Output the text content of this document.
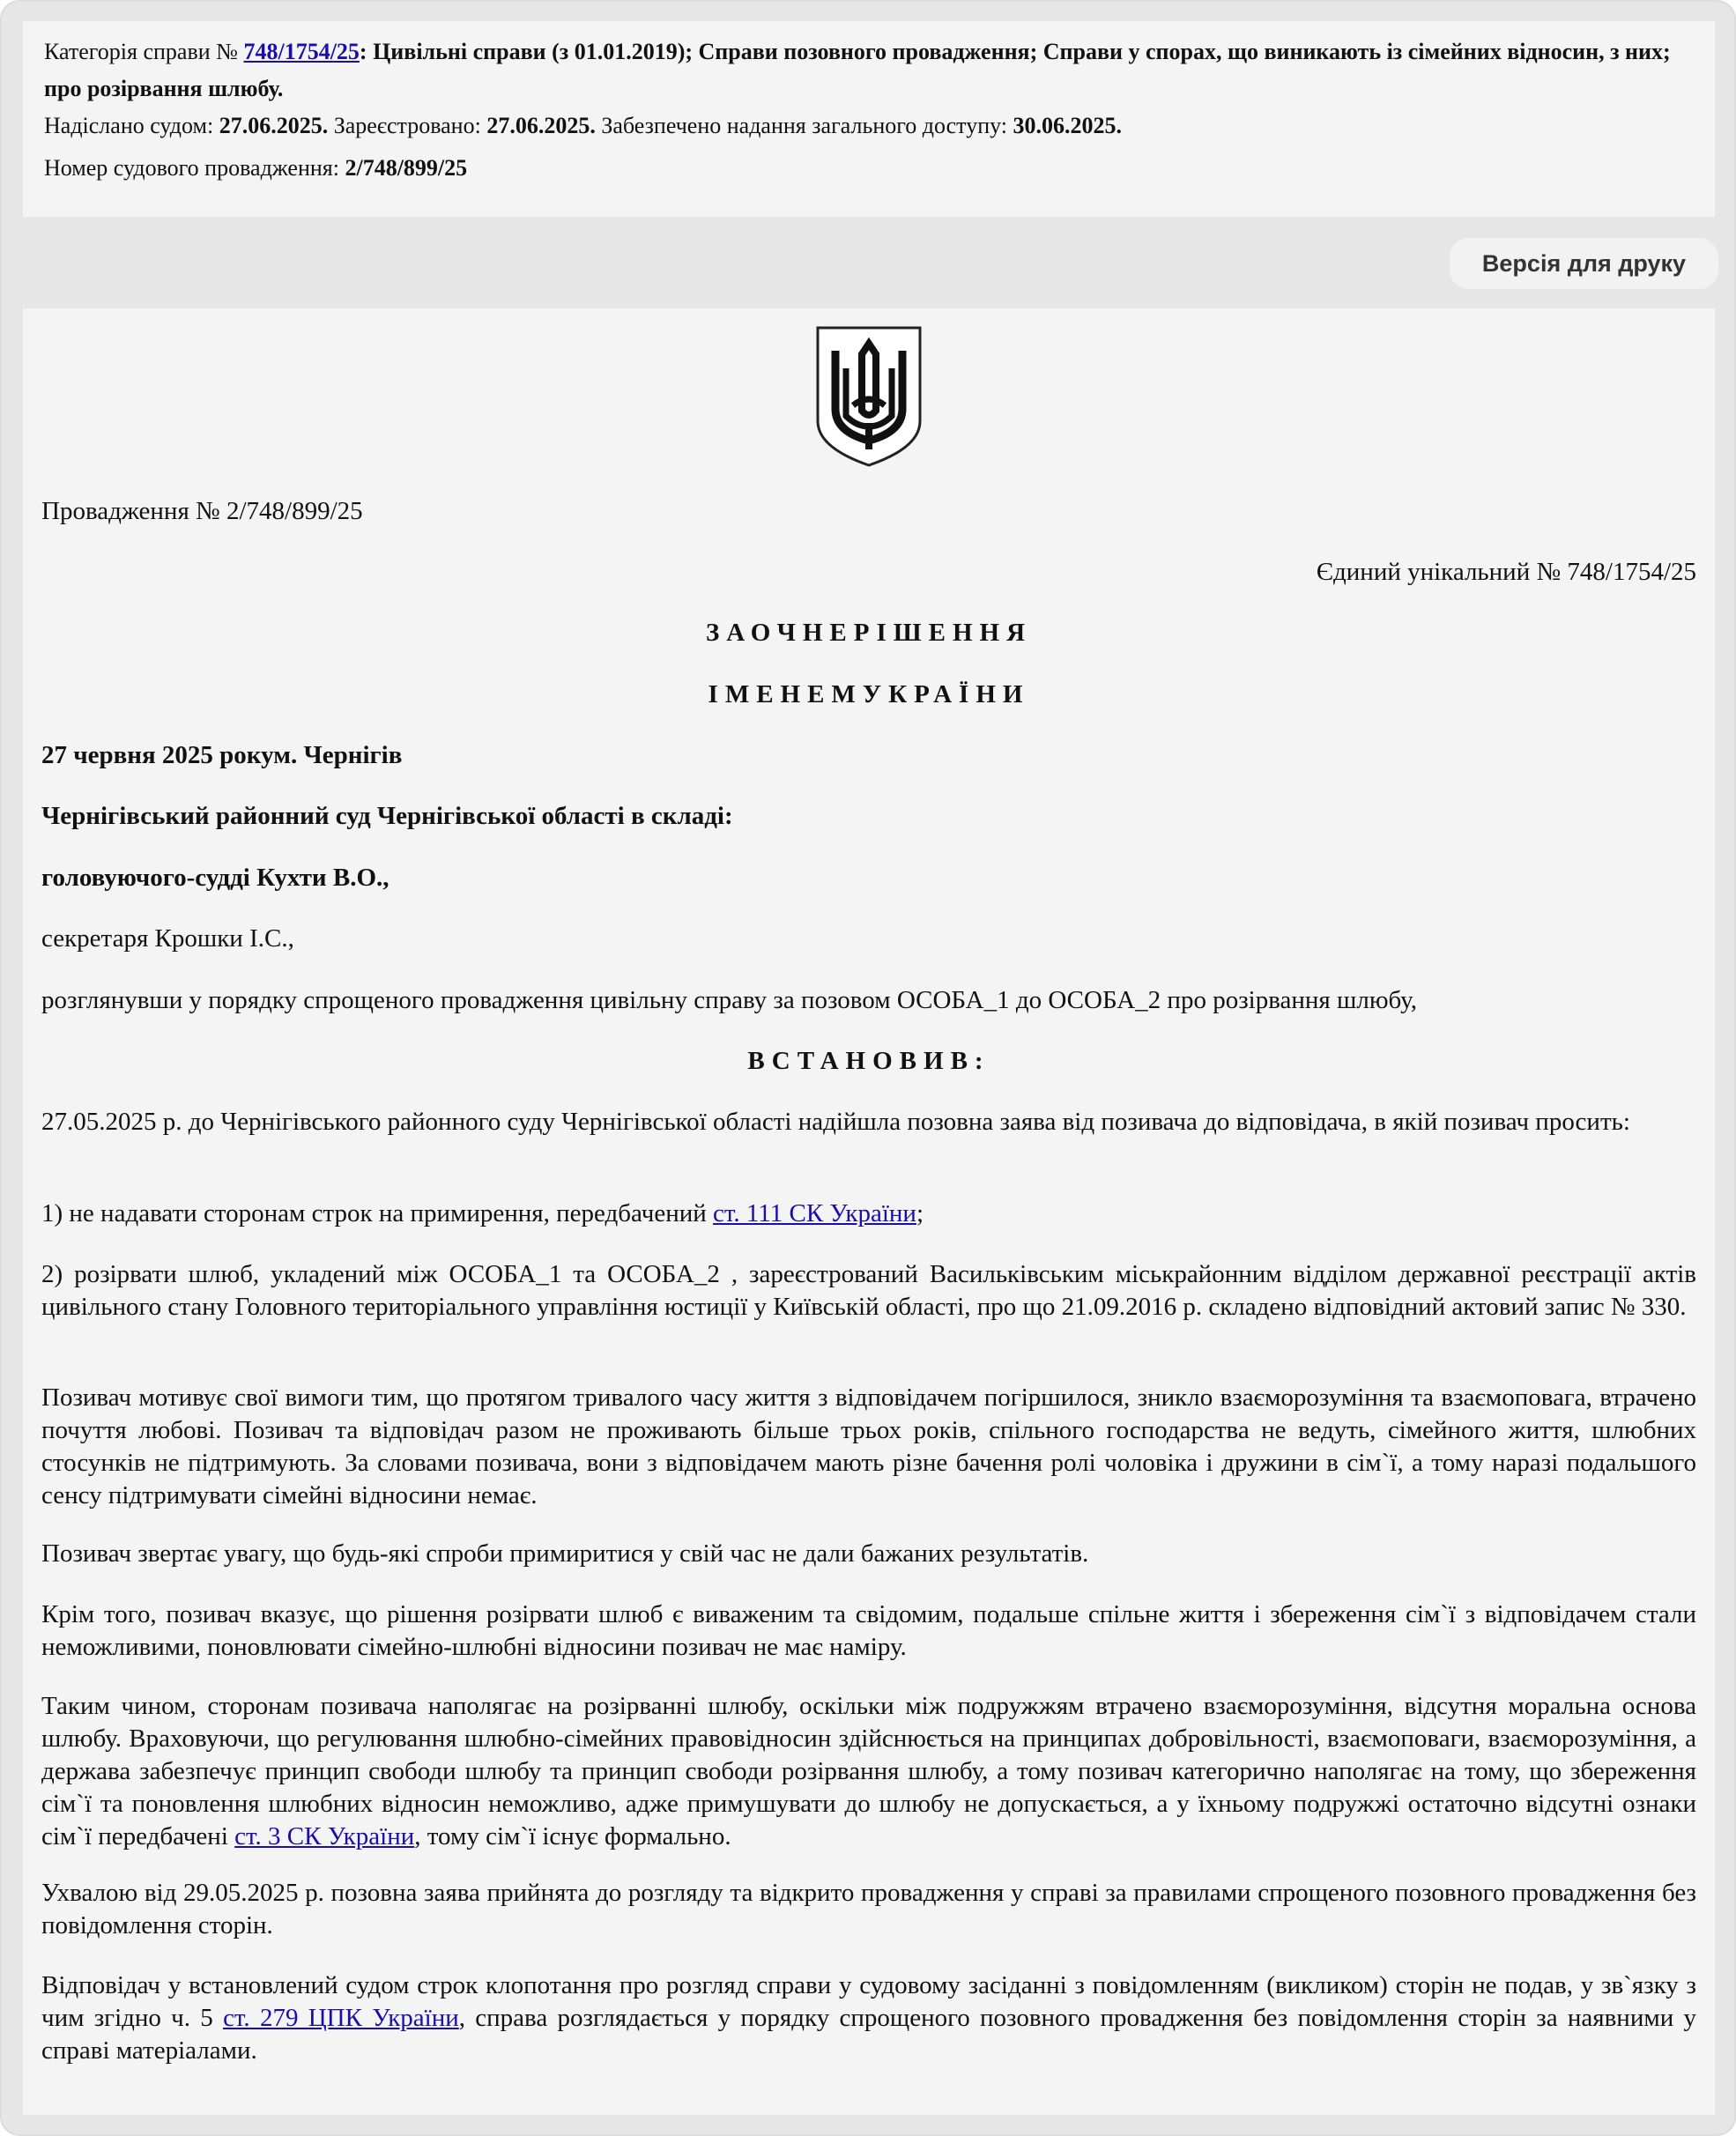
Категорія справи № 748/1754/25: Цивільні справи (з 01.01.2019); Справи позовного провадження; Справи у спорах, що виникають із сімейних відносин, з них; про розірвання шлюбу.

Надіслано судом: 27.06.2025. Зареєстровано: 27.06.2025. Забезпечено надання загального доступу: 30.06.2025.

Номер судового провадження: 2/748/899/25

Версія для друку

Провадження № 2/748/899/25

Єдиний унікальний № 748/1754/25

ЗАОЧНЕРІШЕННЯ

ІМЕНЕМУКРАЇНИ

27 червня 2025 рокум. Чернігів

Чернігівський районний суд Чернігівської області в складі:

головуючого-судді Кухти В.О.,

секретаря Крошки І.С.,

розглянувши у порядку спрощеного провадження цивільну справу за позовом ОСОБА_1 до ОСОБА_2 про розірвання шлюбу,

ВСТАНОВИВ:

27.05.2025 р. до Чернігівського районного суду Чернігівської області надійшла позовна заява від позивача до відповідача, в якій позивач просить:

1) не надавати сторонам строк на примирення, передбачений ст. 111 СК України;

2) розірвати шлюб, укладений між ОСОБА_1 та ОСОБА_2 , зареєстрований Васильківським міськрайонним відділом державної реєстрації актів цивільного стану Головного територіального управління юстиції у Київській області, про що 21.09.2016 р. складено відповідний актовий запис № 330.

Позивач мотивує свої вимоги тим, що протягом тривалого часу життя з відповідачем погіршилося, зникло взаєморозуміння та взаємоповага, втрачено почуття любові. Позивач та відповідач разом не проживають більше трьох років, спільного господарства не ведуть, сімейного життя, шлюбних стосунків не підтримують. За словами позивача, вони з відповідачем мають різне бачення ролі чоловіка і дружини в сім`ї, а тому наразі подальшого сенсу підтримувати сімейні відносини немає.

Позивач звертає увагу, що будь-які спроби примиритися у свій час не дали бажаних результатів.

Крім того, позивач вказує, що рішення розірвати шлюб є виваженим та свідомим, подальше спільне життя і збереження сім`ї з відповідачем стали неможливими, поновлювати сімейно-шлюбні відносини позивач не має наміру.

Таким чином, сторонам позивача наполягає на розірванні шлюбу, оскільки між подружжям втрачено взаєморозуміння, відсутня моральна основа шлюбу. Враховуючи, що регулювання шлюбно-сімейних правовідносин здійснюється на принципах добровільності, взаємоповаги, взаєморозуміння, а держава забезпечує принцип свободи шлюбу та принцип свободи розірвання шлюбу, а тому позивач категорично наполягає на тому, що збереження сім`ї та поновлення шлюбних відносин неможливо, адже примушувати до шлюбу не допускається, а у їхньому подружжі остаточно відсутні ознаки сім`ї передбачені ст. 3 СК України, тому сім`ї існує формально.

Ухвалою від 29.05.2025 р. позовна заява прийнята до розгляду та відкрито провадження у справі за правилами спрощеного позовного провадження без повідомлення сторін.

Відповідач у встановлений судом строк клопотання про розгляд справи у судовому засіданні з повідомленням (викликом) сторін не подав, у зв`язку з чим згідно ч. 5 ст. 279 ЦПК України, справа розглядається у порядку спрощеного позовного провадження без повідомлення сторін за наявними у справі матеріалами.
